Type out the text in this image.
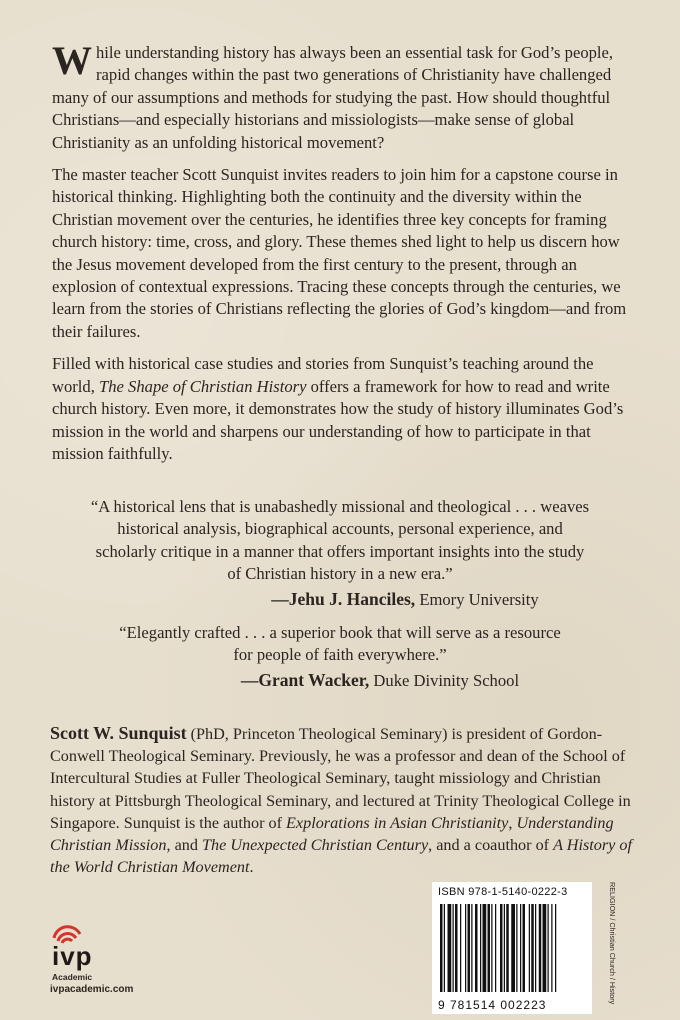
While understanding history has always been an essential task for God’s people, rapid changes within the past two generations of Christianity have challenged many of our assumptions and methods for studying the past. How should thoughtful Christians—and especially historians and missiologists—make sense of global Christianity as an unfolding historical movement?

The master teacher Scott Sunquist invites readers to join him for a capstone course in historical thinking. Highlighting both the continuity and the diversity within the Christian movement over the centuries, he identifies three key concepts for framing church history: time, cross, and glory. These themes shed light to help us discern how the Jesus movement developed from the first century to the present, through an explosion of contextual expressions. Tracing these concepts through the centuries, we learn from the stories of Christians reflecting the glories of God’s kingdom—and from their failures.

Filled with historical case studies and stories from Sunquist’s teaching around the world, The Shape of Christian History offers a framework for how to read and write church history. Even more, it demonstrates how the study of history illuminates God’s mission in the world and sharpens our understanding of how to participate in that mission faithfully.

“A historical lens that is unabashedly missional and theological . . . weaves historical analysis, biographical accounts, personal experience, and scholarly critique in a manner that offers important insights into the study of Christian history in a new era.”
—Jehu J. Hanciles, Emory University
“Elegantly crafted . . . a superior book that will serve as a resource for people of faith everywhere.”
—Grant Wacker, Duke Divinity School
Scott W. Sunquist (PhD, Princeton Theological Seminary) is president of Gordon-Conwell Theological Seminary. Previously, he was a professor and dean of the School of Intercultural Studies at Fuller Theological Seminary, taught missiology and Christian history at Pittsburgh Theological Seminary, and lectured at Trinity Theological College in Singapore. Sunquist is the author of Explorations in Asian Christianity, Understanding Christian Mission, and The Unexpected Christian Century, and a coauthor of A History of the World Christian Movement.
ivp
Academic
ivpacademic.com
ISBN 978-1-5140-0222-3
9 781514 002223
RELIGION / Christian Church / History
